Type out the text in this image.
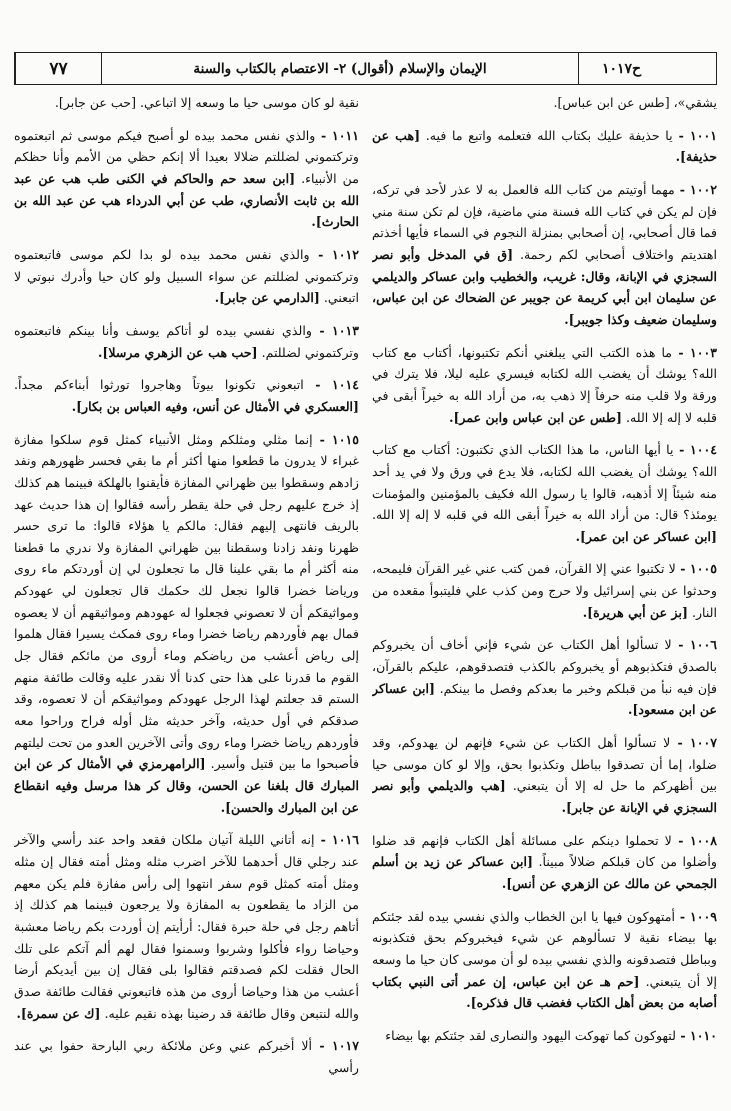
٧٧	الإيمان والإسلام (أقوال) ٢- الاعتصام بالكتاب والسنة	ح١٠١٧

يشقي»، [طس عن ابن عباس].

١٠٠١ - يا حذيفة عليك بكتاب الله فتعلمه واتبع ما فيه. [هب عن حذيفة].

١٠٠٢ - مهما أوتيتم من كتاب الله فالعمل به لا عذر لأحد في تركه، فإن لم يكن في كتاب الله فسنة مني ماضية، فإن لم تكن سنة مني فما قال أصحابي، إن أصحابي بمنزلة النجوم في السماء فأيها أخذتم اهتديتم واختلاف أصحابي لكم رحمة. [ق في المدخل وأبو نصر السجزي في الإبانة، وقال: غريب، والخطيب وابن عساكر والديلمي عن سليمان ابن أبي كريمة عن جويبر عن الضحاك عن ابن عباس، وسليمان ضعيف وكذا جويبر].

١٠٠٣ - ما هذه الكتب التي يبلغني أنكم تكتبونها، أكتاب مع كتاب الله؟ يوشك أن يغضب الله لكتابه فيسري عليه ليلا، فلا يترك في ورقة ولا قلب منه حرفاً إلا ذهب به، من أراد الله به خيراً أبقى في قلبه لا إله إلا الله. [طس عن ابن عباس وابن عمر].

١٠٠٤ - يا أيها الناس، ما هذا الكتاب الذي تكتبون: أكتاب مع كتاب الله؟ يوشك أن يغضب الله لكتابه، فلا يدع في ورق ولا في يد أحد منه شيئاً إلا أذهبه، قالوا يا رسول الله فكيف بالمؤمنين والمؤمنات يومئذ؟ قال: من أراد الله به خيراً أبقى الله في قلبه لا إله إلا الله. [ابن عساكر عن ابن عمر].

١٠٠٥ - لا تكتبوا عني إلا القرآن، فمن كتب عني غير القرآن فليمحه، وحدثوا عن بني إسرائيل ولا حرج ومن كذب علي فليتبوأ مقعده من النار. [بز عن أبي هريرة].

١٠٠٦ - لا تسألوا أهل الكتاب عن شيء فإني أخاف أن يخبروكم بالصدق فتكذبوهم أو يخبروكم بالكذب فتصدقوهم، عليكم بالقرآن، فإن فيه نبأ من قبلكم وخبر ما بعدكم وفصل ما بينكم. [ابن عساكر عن ابن مسعود].

١٠٠٧ - لا تسألوا أهل الكتاب عن شيء فإنهم لن يهدوكم، وقد ضلوا، إما أن تصدقوا بباطل وتكذبوا بحق، وإلا لو كان موسى حيا بين أظهركم ما حل له إلا أن يتبعني. [هب والديلمي وأبو نصر السجزي في الإبانة عن جابر].

١٠٠٨ - لا تحملوا دينكم على مسائلة أهل الكتاب فإنهم قد ضلوا وأضلوا من كان قبلكم ضلالاً مبيناً. [ابن عساكر عن زيد بن أسلم الجمحي عن مالك عن الزهري عن أنس].

١٠٠٩ - أمتهوكون فيها يا ابن الخطاب والذي نفسي بيده لقد جئتكم بها بيضاء نقية لا تسألوهم عن شيء فيخبروكم بحق فتكذبونه وبباطل فتصدقونه والذي نفسي بيده لو أن موسى كان حيا ما وسعه إلا أن يتبعني. [حم هـ عن ابن عباس، إن عمر أتى النبي بكتاب أصابه من بعض أهل الكتاب فغضب قال فذكره].

١٠١٠ - لتهوكون كما تهوكت اليهود والنصارى لقد جئتكم بها بيضاء

نقية لو كان موسى حيا ما وسعه إلا اتباعي. [حب عن جابر].

١٠١١ - والذي نفس محمد بيده لو أصبح فيكم موسى ثم اتبعتموه وتركتموني لضللتم ضلالا بعيدا ألا إنكم حظي من الأمم وأنا حظكم من الأنبياء. [ابن سعد حم والحاكم في الكنى طب هب عن عبد الله بن ثابت الأنصاري، طب عن أبي الدرداء هب عن عبد الله بن الحارث].

١٠١٢ - والذي نفس محمد بيده لو بدا لكم موسى فاتبعتموه وتركتموني لضللتم عن سواء السبيل ولو كان حيا وأدرك نبوتي لا اتبعني. [الدارمي عن جابر].

١٠١٣ - والذي نفسي بيده لو أتاكم يوسف وأنا بينكم فاتبعتموه وتركتموني لضللتم. [حب هب عن الزهري مرسلا].

١٠١٤ - اتبعوني تكونوا بيوتاً وهاجروا تورثوا أبناءكم مجداً. [العسكري في الأمثال عن أنس، وفيه العباس بن بكار].

١٠١٥ - إنما مثلي ومثلكم ومثل الأنبياء كمثل قوم سلكوا مفازة غبراء لا يدرون ما قطعوا منها أكثر أم ما بقي فحسر ظهورهم ونفد زادهم وسقطوا بين ظهراني المفازة فأيقنوا بالهلكة فبينما هم كذلك إذ خرج عليهم رجل في حلة يقطر رأسه فقالوا إن هذا حديث عهد بالريف فانتهى إليهم فقال: مالكم يا هؤلاء قالوا: ما ترى حسر ظهرنا ونفد زادنا وسقطنا بين ظهراني المفازة ولا ندري ما قطعنا منه أكثر أم ما بقي علينا قال ما تجعلون لي إن أوردتكم ماء روى ورياضا خضرا قالوا نجعل لك حكمك قال تجعلون لي عهودكم ومواثيقكم أن لا تعصوني فجعلوا له عهودهم ومواثيقهم أن لا يعصوه فمال بهم فأوردهم رياضا خضرا وماء روى فمكث يسيرا فقال هلموا إلى رياض أعشب من رياضكم وماء أروى من مائكم فقال جل القوم ما قدرنا على هذا حتى كدنا ألا نقدر عليه وقالت طائفة منهم الستم قد جعلتم لهذا الرجل عهودكم ومواثيقكم أن لا تعصوه، وقد صدقكم في أول حديثه، وآخر حديثه مثل أوله فراح وراحوا معه فأوردهم رياضا خضرا وماء روى وأتى الآخرين العدو من تحت ليلتهم فأصبحوا ما بين قتيل وأسير. [الرامهرمزي في الأمثال كر عن ابن المبارك قال بلغنا عن الحسن، وقال كر هذا مرسل وفيه انقطاع عن ابن المبارك والحسن].

١٠١٦ - إنه أتاني الليلة آتيان ملكان فقعد واحد عند رأسي والآخر عند رجلي قال أحدهما للآخر اضرب مثله ومثل أمته فقال إن مثله ومثل أمته كمثل قوم سفر انتهوا إلى رأس مفازة فلم يكن معهم من الزاد ما يقطعون به المفازة ولا يرجعون فبينما هم كذلك إذ أتاهم رجل في حلة حبرة فقال: أرأيتم إن أوردت بكم رياضا معشبة وحياضا رواء فأكلوا وشربوا وسمنوا فقال لهم ألم آتكم على تلك الحال فقلت لكم فصدقتم فقالوا بلى فقال إن بين أيديكم أرضا أعشب من هذا وحياضا أروى من هذه فاتبعوني فقالت طائفة صدق والله لنتبعن وقال طائفة قد رضينا بهذه نقيم عليه. [ك عن سمرة].

١٠١٧ - ألا أخبركم عني وعن ملائكة ربي البارحة حفوا بي عند رأسي
